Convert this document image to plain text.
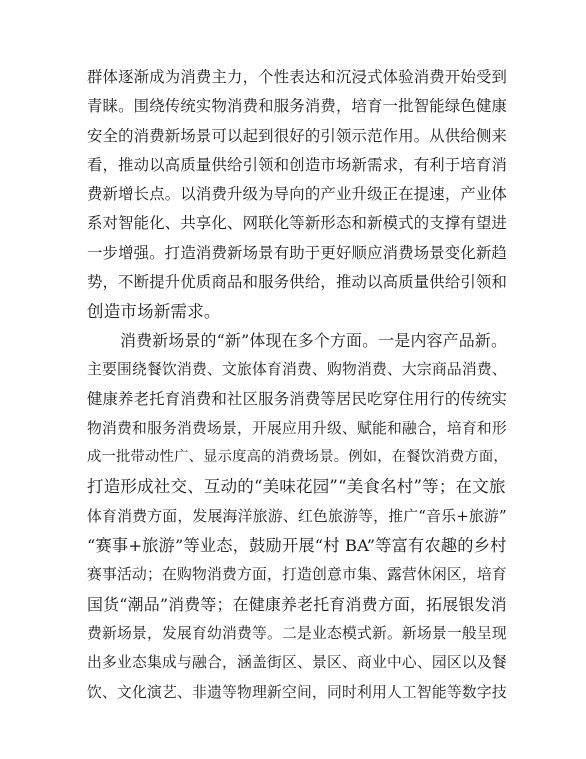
群体逐渐成为消费主力，个性表达和沉浸式体验消费开始受到
青睐。围绕传统实物消费和服务消费，培育一批智能绿色健康
安全的消费新场景可以起到很好的引领示范作用。从供给侧来
看，推动以高质量供给引领和创造市场新需求，有利于培育消
费新增长点。以消费升级为导向的产业升级正在提速，产业体
系对智能化、共享化、网联化等新形态和新模式的支撑有望进
一步增强。打造消费新场景有助于更好顺应消费场景变化新趋
势，不断提升优质商品和服务供给，推动以高质量供给引领和
创造市场新需求。
消费新场景的“新”体现在多个方面。一是内容产品新。
主要围绕餐饮消费、文旅体育消费、购物消费、大宗商品消费、
健康养老托育消费和社区服务消费等居民吃穿住用行的传统实
物消费和服务消费场景，开展应用升级、赋能和融合，培育和形
成一批带动性广、显示度高的消费场景。例如，在餐饮消费方面，
打造形成社交、互动的“美味花园”“美食名村”等；在文旅
体育消费方面，发展海洋旅游、红色旅游等，推广“音乐+旅游”
“赛事+旅游”等业态，鼓励开展“村 BA”等富有农趣的乡村
赛事活动；在购物消费方面，打造创意市集、露营休闲区，培育
国货“潮品”消费等；在健康养老托育消费方面，拓展银发消
费新场景，发展育幼消费等。二是业态模式新。新场景一般呈现
出多业态集成与融合，涵盖街区、景区、商业中心、园区以及餐
饮、文化演艺、非遗等物理新空间，同时利用人工智能等数字技
